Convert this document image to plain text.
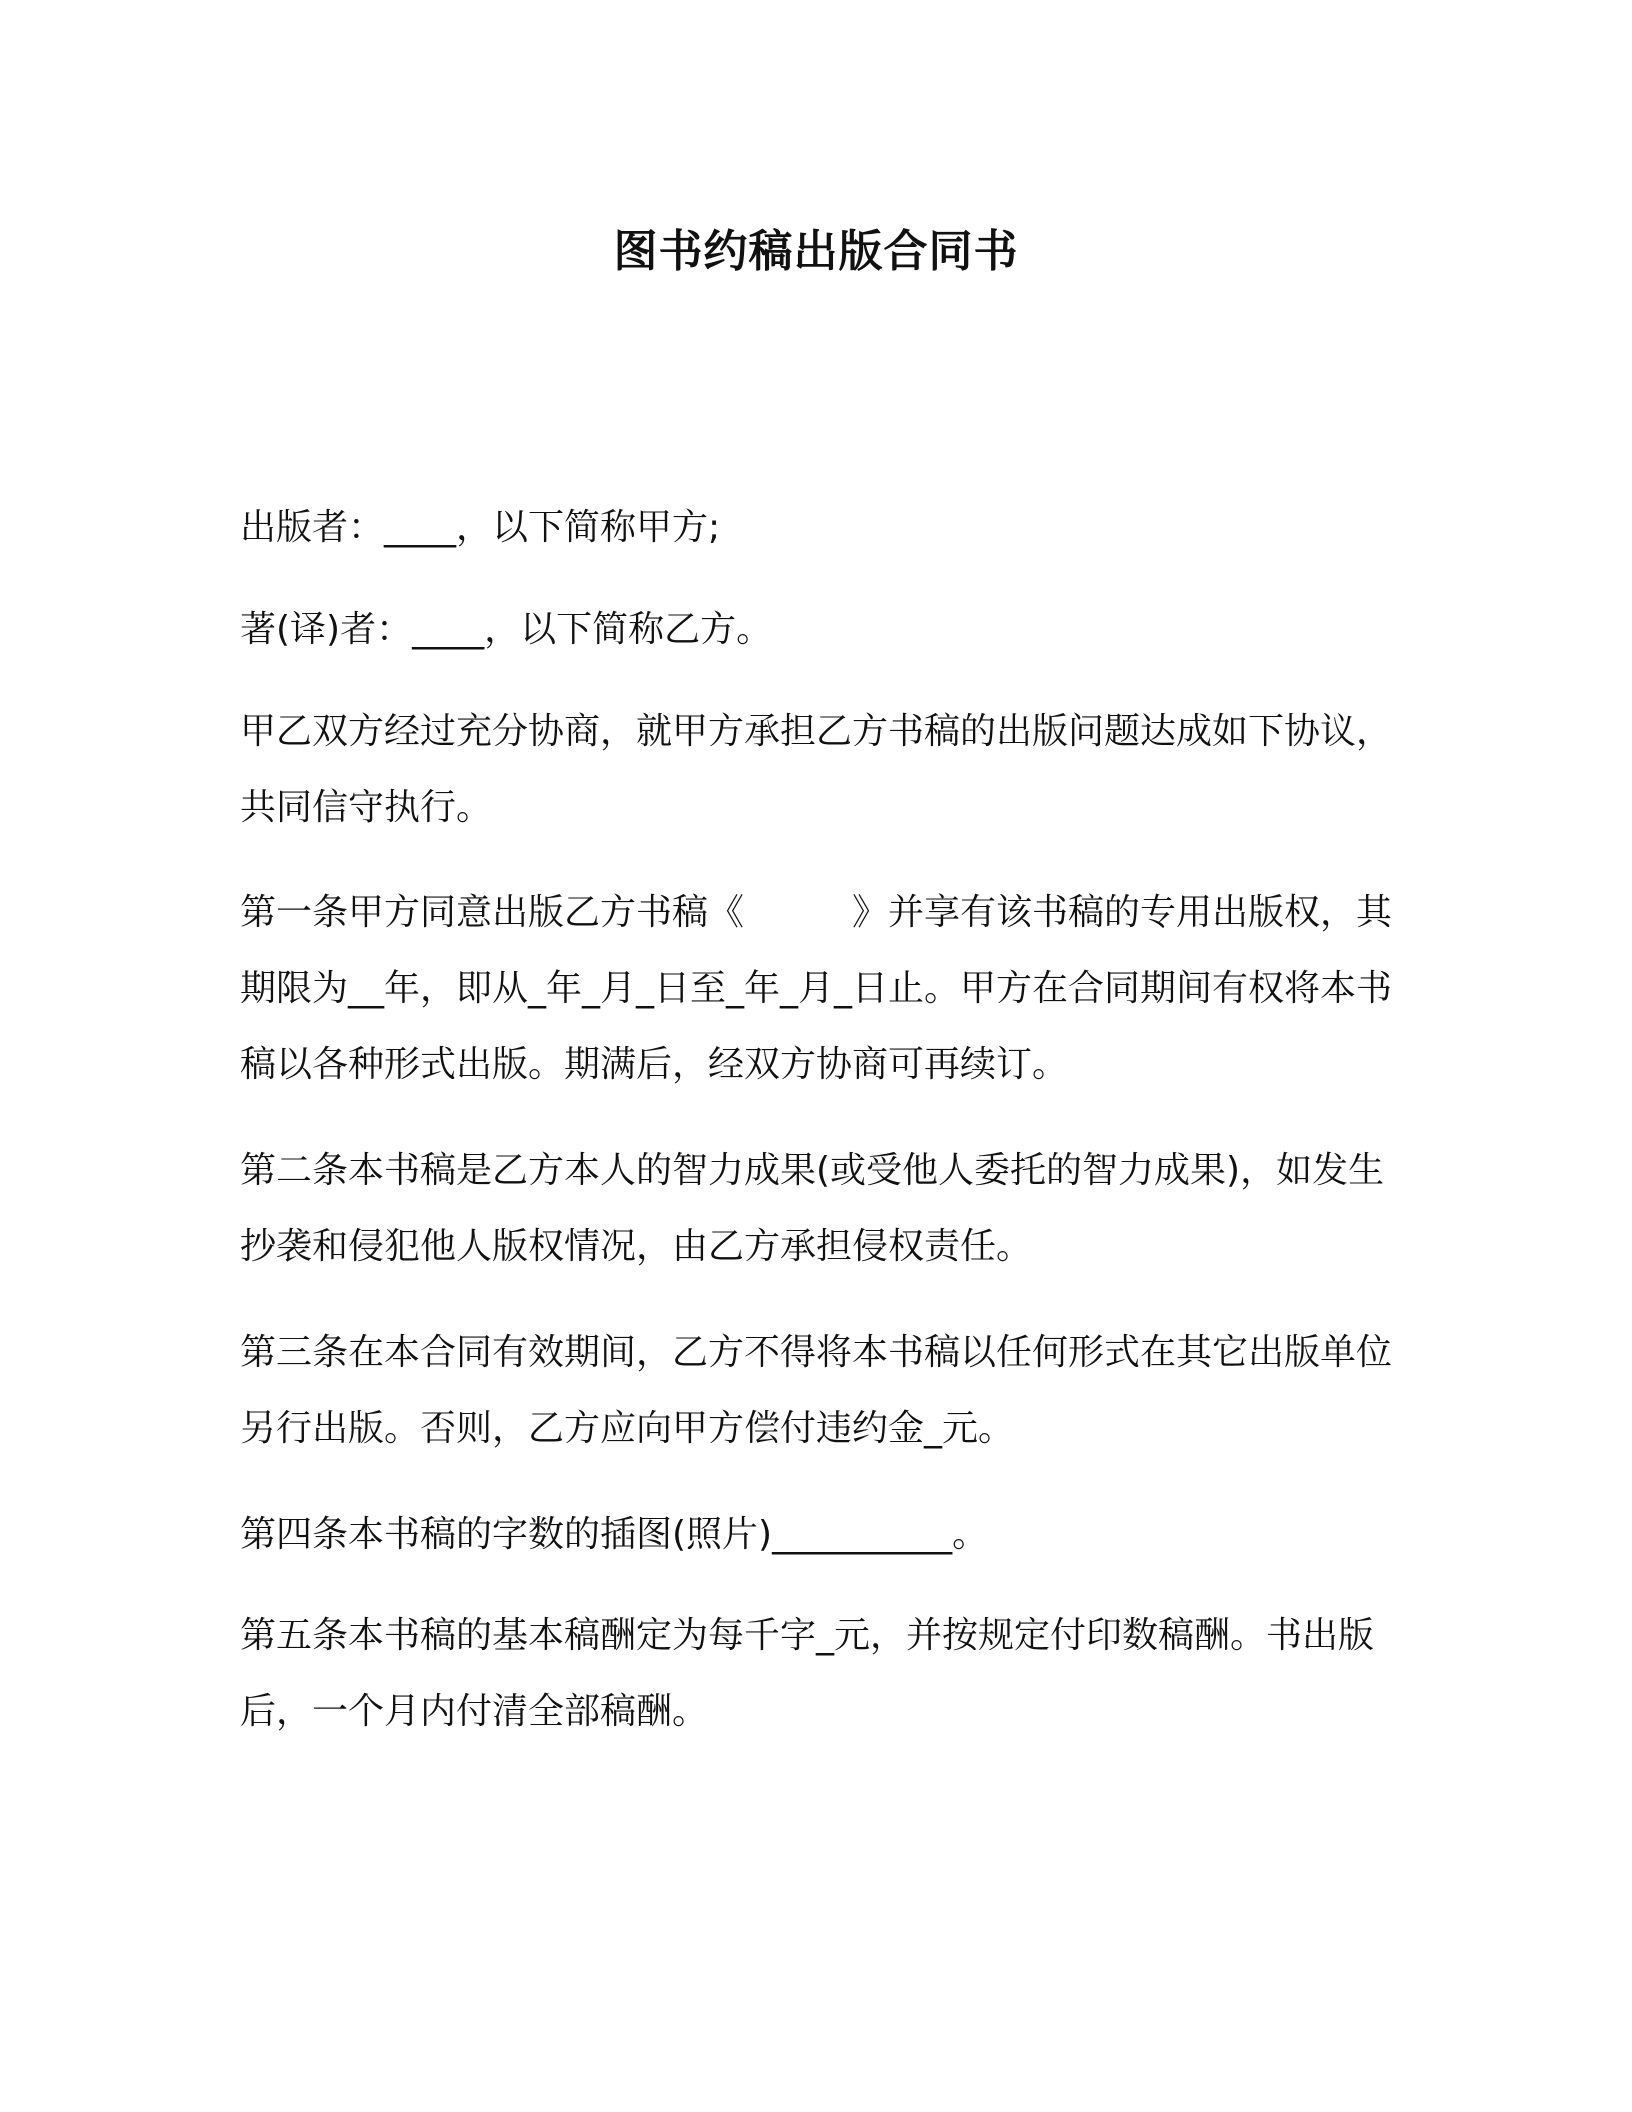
图书约稿出版合同书

出版者：____，以下简称甲方;

著(译)者：____，以下简称乙方。

甲乙双方经过充分协商，就甲方承担乙方书稿的出版问题达成如下协议，共同信守执行。

第一条甲方同意出版乙方书稿《　　　》并享有该书稿的专用出版权，其期限为__年，即从_年_月_日至_年_月_日止。甲方在合同期间有权将本书稿以各种形式出版。期满后，经双方协商可再续订。

第二条本书稿是乙方本人的智力成果(或受他人委托的智力成果)，如发生抄袭和侵犯他人版权情况，由乙方承担侵权责任。

第三条在本合同有效期间，乙方不得将本书稿以任何形式在其它出版单位另行出版。否则，乙方应向甲方偿付违约金_元。

第四条本书稿的字数的插图(照片)__________。

第五条本书稿的基本稿酬定为每千字_元，并按规定付印数稿酬。书出版后，一个月内付清全部稿酬。
